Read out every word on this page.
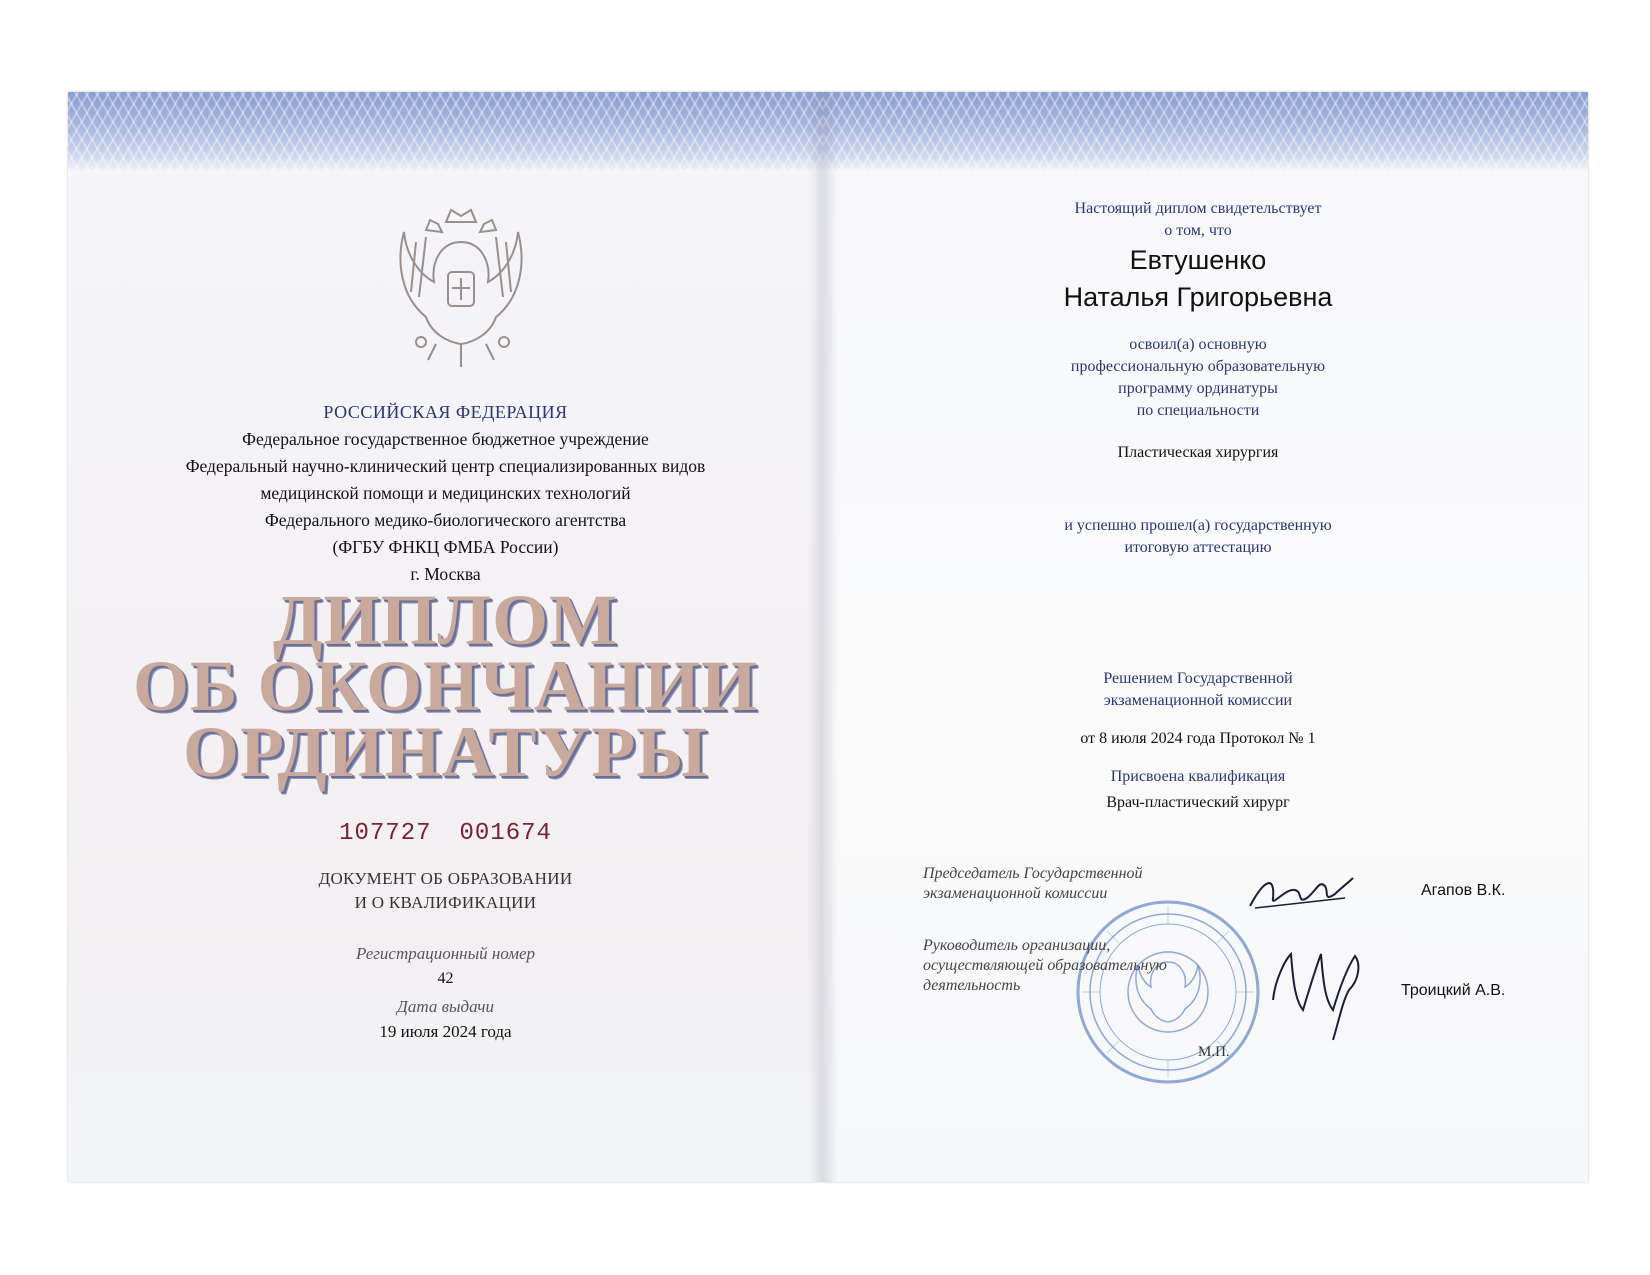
РОССИЙСКАЯ ФЕДЕРАЦИЯ
Федеральное государственное бюджетное учреждение
Федеральный научно-клинический центр специализированных видов
медицинской помощи и медицинских технологий
Федерального медико-биологического агентства
(ФГБУ ФНКЦ ФМБА России)
г. Москва
ДИПЛОМ
ОБ ОКОНЧАНИИ
ОРДИНАТУРЫ
107727 001674
ДОКУМЕНТ ОБ ОБРАЗОВАНИИ
И О КВАЛИФИКАЦИИ
Регистрационный номер
42
Дата выдачи
19 июля 2024 года
Настоящий диплом свидетельствует
о том, что
Евтушенко
Наталья Григорьевна
освоил(а) основную
профессиональную образовательную
программу ординатуры
по специальности
Пластическая хирургия
и успешно прошел(а) государственную
итоговую аттестацию
Решением Государственной
экзаменационной комиссии
от 8 июля 2024 года Протокол № 1
Присвоена квалификация
Врач-пластический хирург
Председатель Государственной
экзаменационной комиссии	Агапов В.К.
Руководитель организации,
осуществляющей образовательную
деятельность	Троицкий А.В.
М.П.
